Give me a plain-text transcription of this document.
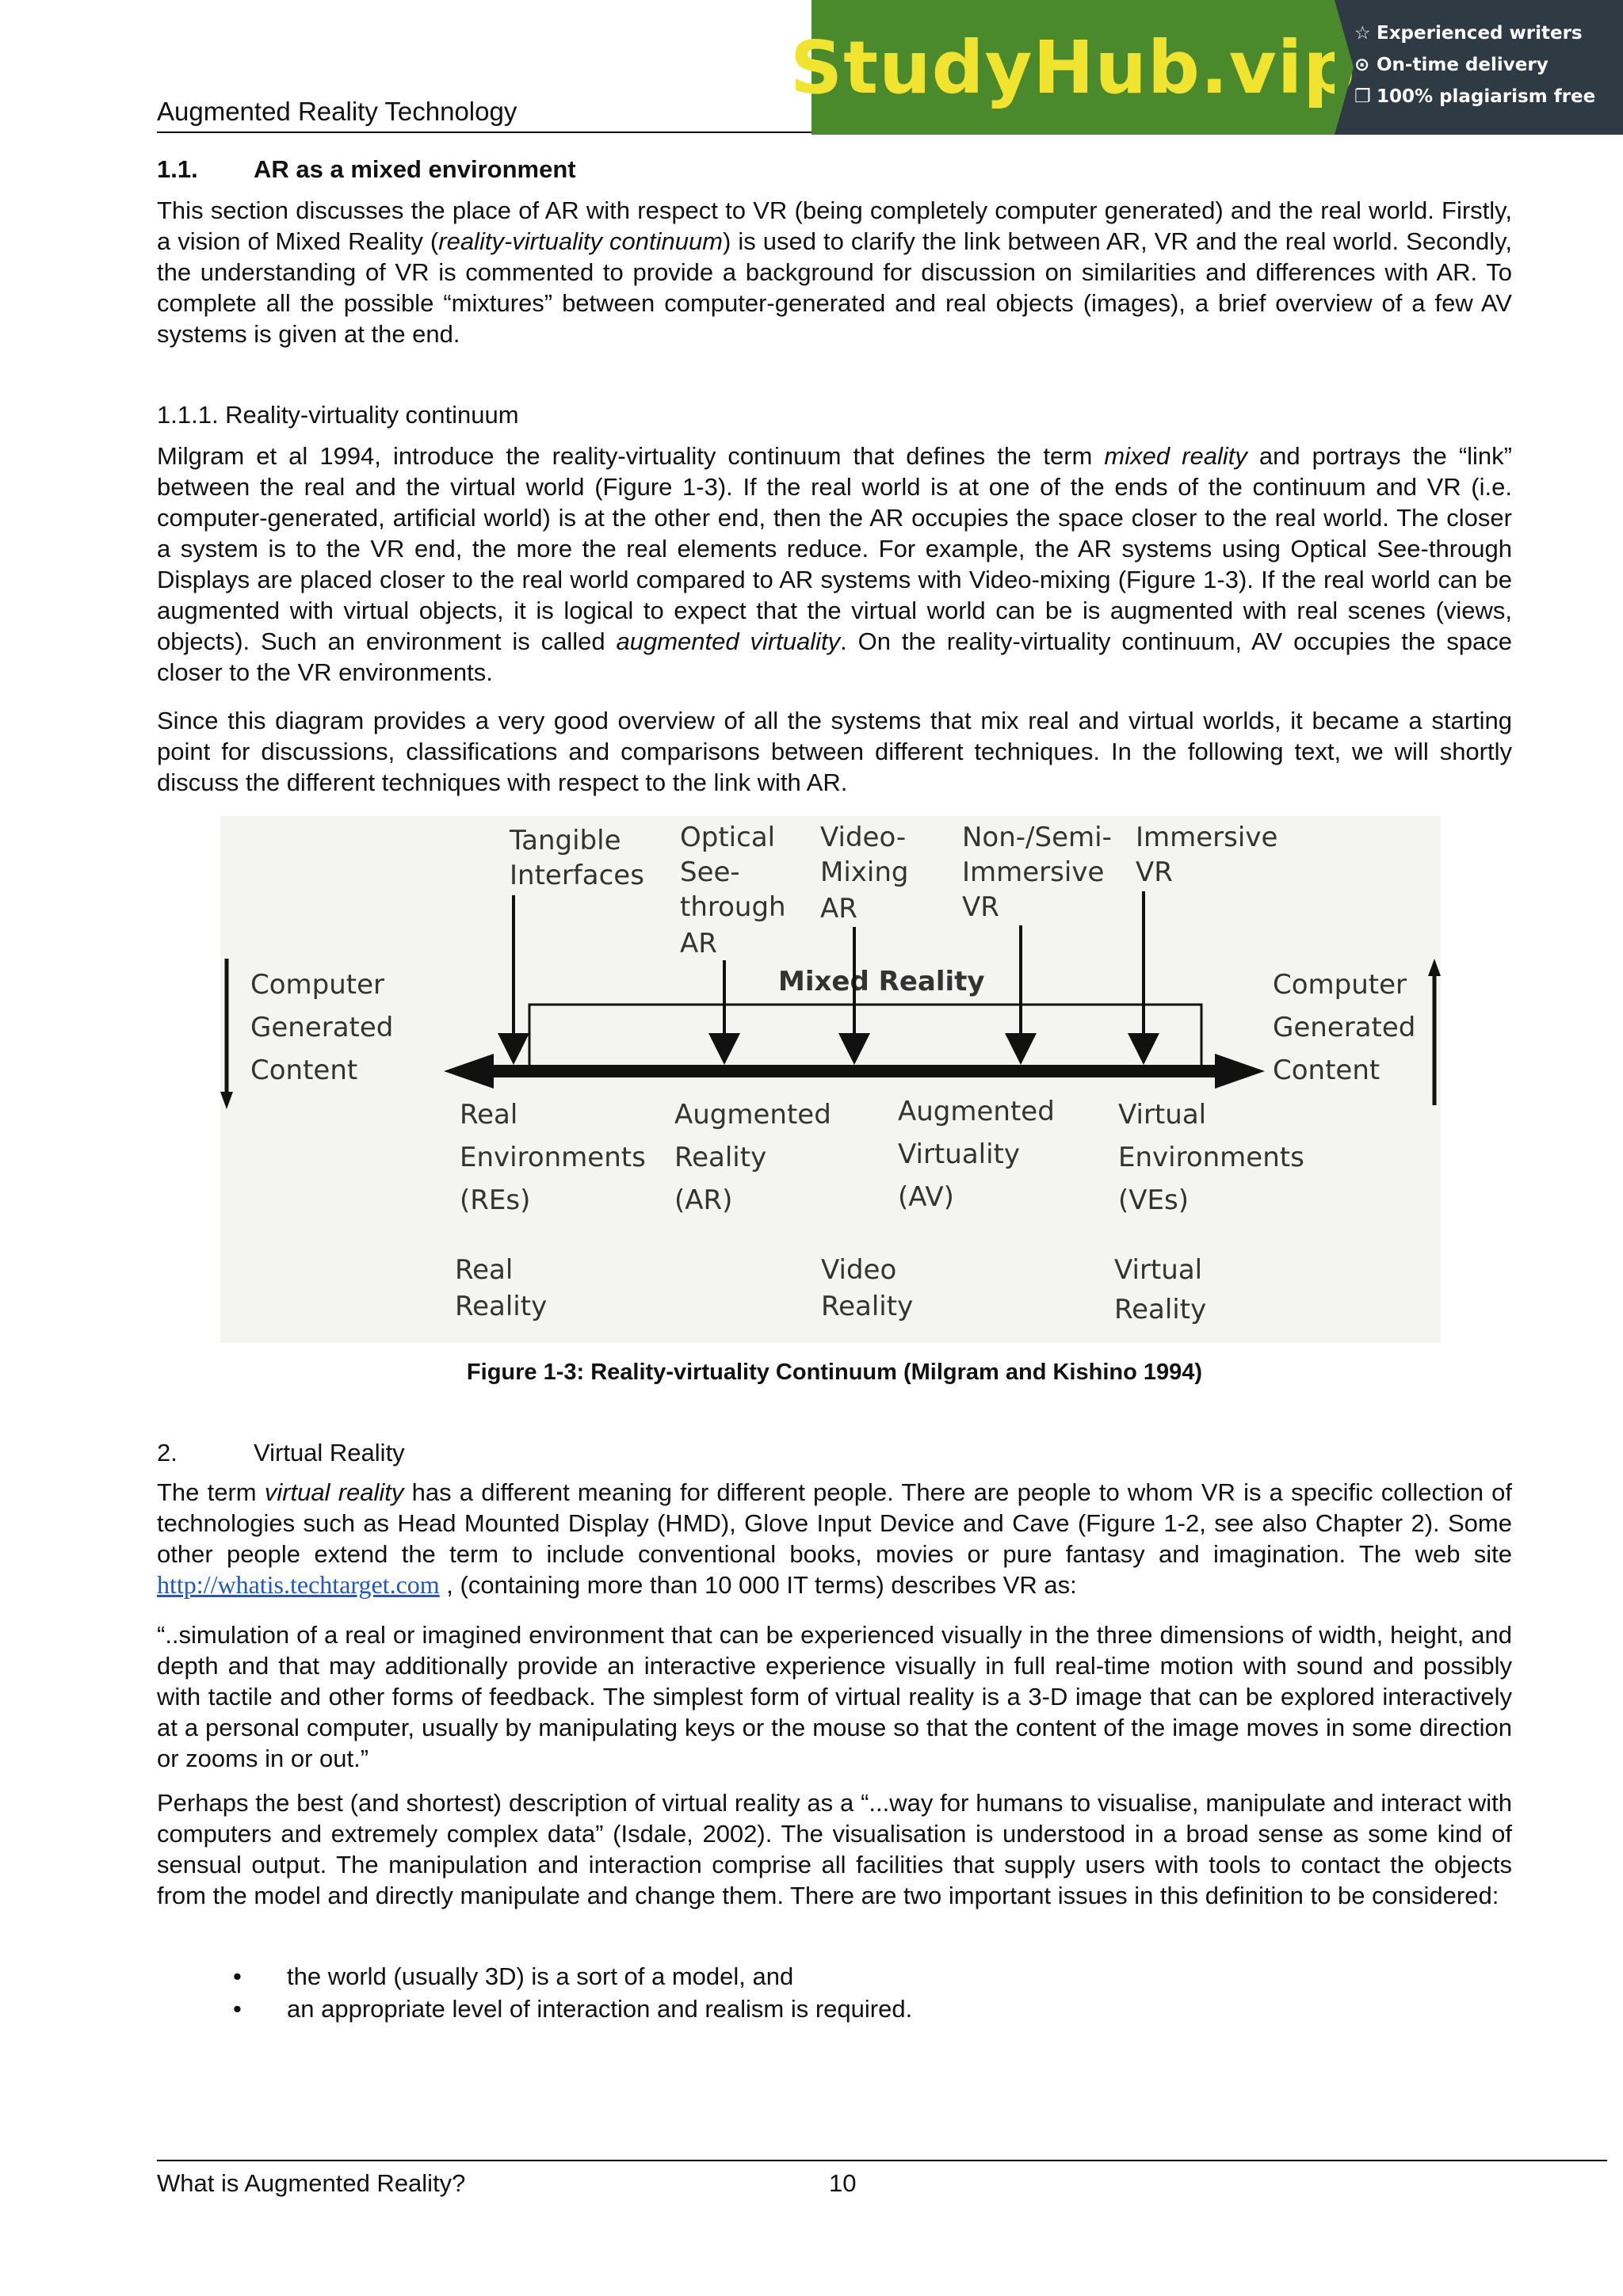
Augmented Reality Technology
StudyHub.vip
☆ Experienced writers
⊙ On-time delivery
❐ 100% plagiarism free
1.1. AR as a mixed environment
This section discusses the place of AR with respect to VR (being completely computer generated) and the real world. Firstly, a vision of Mixed Reality (reality-virtuality continuum) is used to clarify the link between AR, VR and the real world. Secondly, the understanding of VR is commented to provide a background for discussion on similarities and differences with AR. To complete all the possible “mixtures” between computer-generated and real objects (images), a brief overview of a few AV systems is given at the end.
1.1.1. Reality-virtuality continuum
Milgram et al 1994, introduce the reality-virtuality continuum that defines the term mixed reality and portrays the “link” between the real and the virtual world (Figure 1-3). If the real world is at one of the ends of the continuum and VR (i.e. computer-generated, artificial world) is at the other end, then the AR occupies the space closer to the real world. The closer a system is to the VR end, the more the real elements reduce. For example, the AR systems using Optical See-through Displays are placed closer to the real world compared to AR systems with Video-mixing (Figure 1-3). If the real world can be augmented with virtual objects, it is logical to expect that the virtual world can be is augmented with real scenes (views, objects). Such an environment is called augmented virtuality. On the reality-virtuality continuum, AV occupies the space closer to the VR environments.
Since this diagram provides a very good overview of all the systems that mix real and virtual worlds, it became a starting point for discussions, classifications and comparisons between different techniques. In the following text, we will shortly discuss the different techniques with respect to the link with AR.
Tangible
Interfaces
Optical
See-
through
AR
Video-
Mixing
AR
Non-/Semi-
Immersive
VR
Immersive
VR
Mixed Reality
Computer
Generated
Content
Computer
Generated
Content
Real
Environments
(REs)
Augmented
Reality
(AR)
Augmented
Virtuality
(AV)
Virtual
Environments
(VEs)
Real
Reality
Video
Reality
Virtual
Reality
Figure 1-3: Reality-virtuality Continuum (Milgram and Kishino 1994)
2.	Virtual Reality
The term virtual reality has a different meaning for different people. There are people to whom VR is a specific collection of technologies such as Head Mounted Display (HMD), Glove Input Device and Cave (Figure 1-2, see also Chapter 2). Some other people extend the term to include conventional books, movies or pure fantasy and imagination. The web site http://whatis.techtarget.com , (containing more than 10 000 IT terms) describes VR as:
“..simulation of a real or imagined environment that can be experienced visually in the three dimensions of width, height, and depth and that may additionally provide an interactive experience visually in full real-time motion with sound and possibly with tactile and other forms of feedback. The simplest form of virtual reality is a 3-D image that can be explored interactively at a personal computer, usually by manipulating keys or the mouse so that the content of the image moves in some direction or zooms in or out.”
Perhaps the best (and shortest) description of virtual reality as a “...way for humans to visualise, manipulate and interact with computers and extremely complex data” (Isdale, 2002). The visualisation is understood in a broad sense as some kind of sensual output. The manipulation and interaction comprise all facilities that supply users with tools to contact the objects from the model and directly manipulate and change them. There are two important issues in this definition to be considered:
• the world (usually 3D) is a sort of a model, and
• an appropriate level of interaction and realism is required.
What is Augmented Reality?	10
